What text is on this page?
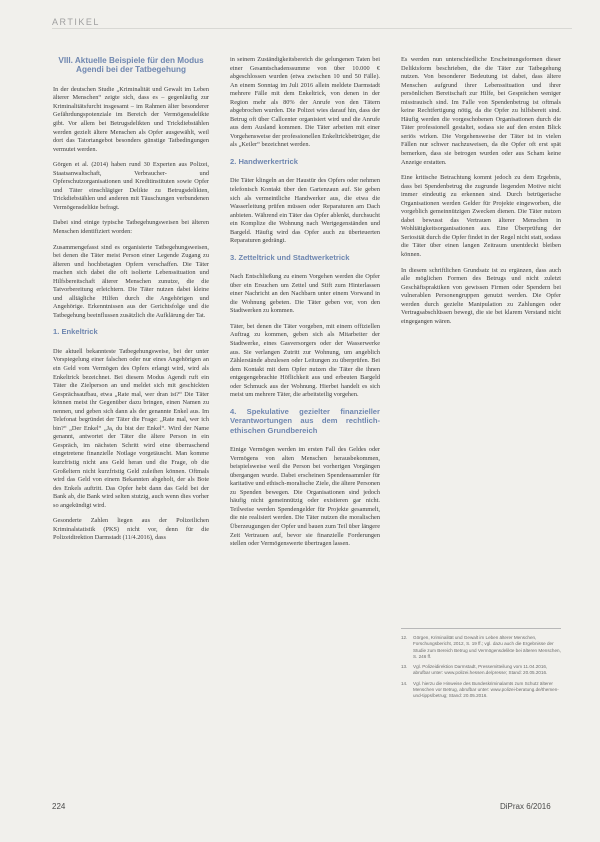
ARTIKEL
VIII. Aktuelle Beispiele für den Modus Agendi bei der Tatbegehung

In der deutschen Studie „Kriminalität und Gewalt im Leben älterer Menschen“ zeigte sich, dass es – gegenläufig zur Kriminalitätsfurcht insgesamt – im Rahmen älter besonderer Gefährdungspotenziale im Bereich der Vermögensdelikte gibt. Vor allem bei Betrugsdelikten und Trickdiebstählen werden gezielt ältere Menschen als Opfer ausgewählt, weil dort das Tatortangebot besonders günstige Tatbedingungen vermutet werden.

Görgen et al. (2014) haben rund 30 Experten aus Polizei, Staatsanwaltschaft, Verbraucher- und Opferschutzorganisationen und Kreditinstituten sowie Opfer und Täter einschlägiger Delikte zu Betrugsdelikten, Trickdiebstählen und anderen mit Täuschungen verbundenen Vermögensdelikte befragt.

Dabei sind einige typische Tatbegehungsweisen bei älteren Menschen identifiziert worden:

Zusammengefasst sind es organisierte Tatbegehungsweisen, bei denen die Täter meist Person einer Legende Zugang zu älteren und hochbetagten Opfern verschaffen. Die Täter machen sich dabei die oft isolierte Lebenssituation und Hilfsbereitschaft älterer Menschen zunutze, die die Tatvorbereitung erleichtern. Die Täter nutzen dabei kleine und alltägliche Hilfen durch die Angehörigen und Angehörige. Erkenntnissen aus der Gerichtsfolge und die Tatbegehung beeinflussen zusätzlich die Aufklärung der Tat.

1. Enkeltrick

Die aktuell bekannteste Tatbegehungsweise, bei der unter Vorspiegelung einer falschen oder nur eines Angehörigen an ein Geld vom Vermögen des Opfers erlangt wird, wird als Enkeltrick bezeichnet. Bei diesem Modus Agendi ruft ein Täter die Zielperson an und meldet sich mit geschickten Gesprächsaufbau, etwa „Rate mal, wer dran ist?“ Die Täter können meist ihr Gegenüber dazu bringen, einen Namen zu nennen, und geben sich dann als der genannte Enkel aus. Im Telefonat begründet der Täter die Frage: „Rate mal, wer ich bin?“ „Der Enkel“ „Ja, du bist der Enkel“. Wird der Name genannt, antwortet der Täter die ältere Person in ein Gespräch, im nächsten Schritt wird eine überraschend eingetretene finanzielle Notlage vorgetäuscht. Man komme kurzfristig nicht ans Geld heran und die Frage, ob die Großeltern nicht kurzfristig Geld zuleihen können. Oftmals wird das Geld von einem Bekannten abgeholt, der als Bote des Enkels auftritt. Das Opfer hebt dann das Geld bei der Bank ab, die Bank wird selten stutzig, auch wenn dies vorher so angekündigt wird.

Gesonderte Zahlen liegen aus der Polizeilichen Kriminalstatistik (PKS) nicht vor, denn für die Polizeidirektion Darmstadt (11/4.2016), dass

in seinem Zuständigkeitsbereich die gelungenen Taten bei einer Gesamtschadenssumme von über 10.000 € abgeschlossen wurden (etwa zwischen 10 und 50 Fälle). An einem Sonntag im Juli 2016 allein meldete Darmstadt mehrere Fälle mit dem Enkeltrick, von denen in der Region mehr als 80% der Anrufe von den Tätern abgebrochen wurden. Die Polizei wies darauf hin, dass der Betrug oft über Callcenter organisiert wird und die Anrufe aus dem Ausland kommen. Die Täter arbeiten mit einer Vorgehensweise der professionellen Enkeltrickbetrüger, die als „Keiler“ bezeichnet werden.

2. Handwerkertrick

Die Täter klingeln an der Haustür des Opfers oder nehmen telefonisch Kontakt über den Gartenzaun auf. Sie geben sich als vermeintliche Handwerker aus, die etwa die Wasserleitung prüfen müssen oder Reparaturen am Dach anbieten. Während ein Täter das Opfer ablenkt, durchsucht ein Komplize die Wohnung nach Wertgegenständen und Bargeld. Häufig wird das Opfer auch zu überteuerten Reparaturen gedrängt.

3. Zetteltrick und Stadtwerketrick

Nach Entschließung zu einem Vorgehen werden die Opfer über ein Ersuchen um Zettel und Stift zum Hinterlassen einer Nachricht an den Nachbarn unter einem Vorwand in die Wohnung gebeten. Die Täter geben vor, von den Stadtwerken zu kommen.

Täter, bei denen die Täter vorgeben, mit einem offiziellen Auftrag zu kommen, geben sich als Mitarbeiter der Stadtwerke, eines Gasversorgers oder der Wasserwerke aus. Sie verlangen Zutritt zur Wohnung, um angeblich Zählerstände abzulesen oder Leitungen zu überprüfen. Bei dem Kontakt mit dem Opfer nutzen die Täter die ihnen entgegengebrachte Höflichkeit aus und erbeuten Bargeld oder Schmuck aus der Wohnung. Hierbei handelt es sich meist um mehrere Täter, die arbeitsteilig vorgehen.

4. Spekulative gezielter finanzieller Verantwortungen aus dem rechtlich-ethischen Grundbereich

Einige Vermögen werden im ersten Fall des Geldes oder Vermögens von alten Menschen herausbekommen, beispielsweise weil die Person bei vorherigen Vorgängen übergangen wurde. Dabei erscheinen Spendensammler für karitative und ethisch-moralische Ziele, die ältere Personen zu Spenden bewegen. Die Organisationen sind jedoch häufig nicht gemeinnützig oder existieren gar nicht. Teilweise werden Spendengelder für Projekte gesammelt, die nie realisiert werden. Die Täter nutzen die moralischen Überzeugungen der Opfer und bauen zum Teil über längere Zeit Vertrauen auf, bevor sie finanzielle Forderungen stellen oder Vermögenswerte übertragen lassen.

Es werden nun unterschiedliche Erscheinungsformen dieser Deliktsform beschrieben, die die Täter zur Tatbegehung nutzen. Von besonderer Bedeutung ist dabei, dass ältere Menschen aufgrund ihrer Lebenssituation und ihrer persönlichen Bereitschaft zur Hilfe, bei Gesprächen weniger misstrauisch sind. Im Falle von Spendenbetrug ist oftmals keine Rechtfertigung nötig, da die Opfer zu hilfsbereit sind. Häufig werden die vorgeschobenen Organisationen durch die Täter professionell gestaltet, sodass sie auf den ersten Blick seriös wirken. Die Vorgehensweise der Täter ist in vielen Fällen nur schwer nachzuweisen, da die Opfer oft erst spät bemerken, dass sie betrogen wurden oder aus Scham keine Anzeige erstatten.

Eine kritische Betrachtung kommt jedoch zu dem Ergebnis, dass bei Spendenbetrug die zugrunde liegenden Motive nicht immer eindeutig zu erkennen sind. Durch betrügerische Organisationen werden Gelder für Projekte eingeworben, die vorgeblich gemeinnützigen Zwecken dienen. Die Täter nutzen dabei bewusst das Vertrauen älterer Menschen in Wohltätigkeitsorganisationen aus. Eine Überprüfung der Seriosität durch die Opfer findet in der Regel nicht statt, sodass die Täter über einen langen Zeitraum unentdeckt bleiben können.

In diesem schriftlichen Grundsatz ist zu ergänzen, dass auch alle möglichen Formen des Betrugs und nicht zuletzt Geschäftspraktiken von gewissen Firmen oder Spendern bei vulnerablen Personengruppen genutzt werden. Die Opfer werden durch gezielte Manipulation zu Zahlungen oder Vertragsabschlüssen bewegt, die sie bei klarem Verstand nicht eingegangen wären.

12.	Görgen, Kriminalität und Gewalt im Leben älterer Menschen, Forschungsbericht, 2012, S. 19 ff.; vgl. dazu auch die Ergebnisse der Studie zum Bereich Betrug und Vermögensdelikte bei älteren Menschen, S. 246 ff.
13.	Vgl. Polizeidirektion Darmstadt, Pressemitteilung vom 11.04.2016, abrufbar unter: www.polizei.hessen.de/presse; Stand: 20.05.2016.
14.	Vgl. hierzu die Hinweise des Bundeskriminalamts zum Schutz älterer Menschen vor Betrug, abrufbar unter: www.polizei-beratung.de/themen-und-tipps/betrug; Stand: 20.05.2016.
224	DiPrax 6/2016
